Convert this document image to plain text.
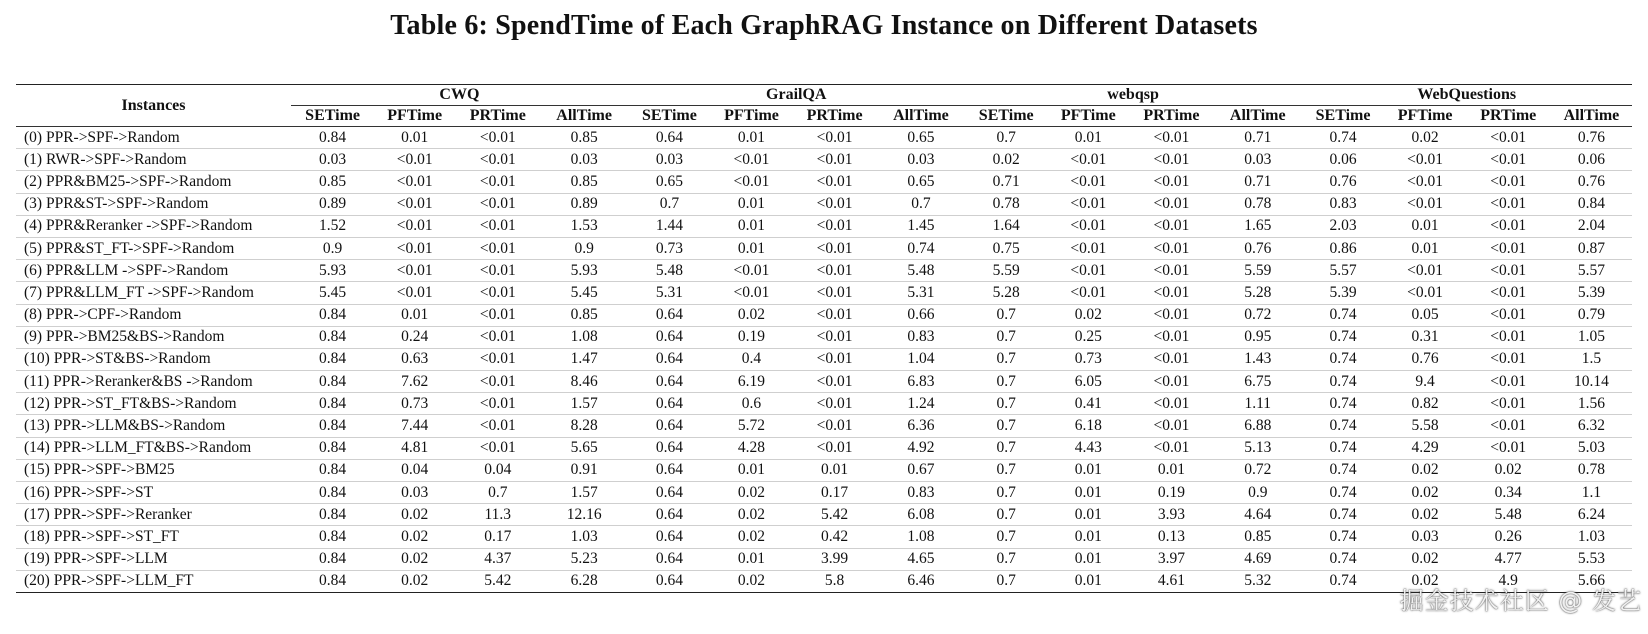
Table 6: SpendTime of Each GraphRAG Instance on Different Datasets
Instances	CWQ				GrailQA				webqsp				WebQuestions			
	SETime	PFTime	PRTime	AllTime	SETime	PFTime	PRTime	AllTime	SETime	PFTime	PRTime	AllTime	SETime	PFTime	PRTime	AllTime
(0) PPR->SPF->Random	0.84	0.01	<0.01	0.85	0.64	0.01	<0.01	0.65	0.7	0.01	<0.01	0.71	0.74	0.02	<0.01	0.76
(1) RWR->SPF->Random	0.03	<0.01	<0.01	0.03	0.03	<0.01	<0.01	0.03	0.02	<0.01	<0.01	0.03	0.06	<0.01	<0.01	0.06
(2) PPR&BM25->SPF->Random	0.85	<0.01	<0.01	0.85	0.65	<0.01	<0.01	0.65	0.71	<0.01	<0.01	0.71	0.76	<0.01	<0.01	0.76
(3) PPR&ST->SPF->Random	0.89	<0.01	<0.01	0.89	0.7	0.01	<0.01	0.7	0.78	<0.01	<0.01	0.78	0.83	<0.01	<0.01	0.84
(4) PPR&Reranker ->SPF->Random	1.52	<0.01	<0.01	1.53	1.44	0.01	<0.01	1.45	1.64	<0.01	<0.01	1.65	2.03	0.01	<0.01	2.04
(5) PPR&ST_FT->SPF->Random	0.9	<0.01	<0.01	0.9	0.73	0.01	<0.01	0.74	0.75	<0.01	<0.01	0.76	0.86	0.01	<0.01	0.87
(6) PPR&LLM ->SPF->Random	5.93	<0.01	<0.01	5.93	5.48	<0.01	<0.01	5.48	5.59	<0.01	<0.01	5.59	5.57	<0.01	<0.01	5.57
(7) PPR&LLM_FT ->SPF->Random	5.45	<0.01	<0.01	5.45	5.31	<0.01	<0.01	5.31	5.28	<0.01	<0.01	5.28	5.39	<0.01	<0.01	5.39
(8) PPR->CPF->Random	0.84	0.01	<0.01	0.85	0.64	0.02	<0.01	0.66	0.7	0.02	<0.01	0.72	0.74	0.05	<0.01	0.79
(9) PPR->BM25&BS->Random	0.84	0.24	<0.01	1.08	0.64	0.19	<0.01	0.83	0.7	0.25	<0.01	0.95	0.74	0.31	<0.01	1.05
(10) PPR->ST&BS->Random	0.84	0.63	<0.01	1.47	0.64	0.4	<0.01	1.04	0.7	0.73	<0.01	1.43	0.74	0.76	<0.01	1.5
(11) PPR->Reranker&BS ->Random	0.84	7.62	<0.01	8.46	0.64	6.19	<0.01	6.83	0.7	6.05	<0.01	6.75	0.74	9.4	<0.01	10.14
(12) PPR->ST_FT&BS->Random	0.84	0.73	<0.01	1.57	0.64	0.6	<0.01	1.24	0.7	0.41	<0.01	1.11	0.74	0.82	<0.01	1.56
(13) PPR->LLM&BS->Random	0.84	7.44	<0.01	8.28	0.64	5.72	<0.01	6.36	0.7	6.18	<0.01	6.88	0.74	5.58	<0.01	6.32
(14) PPR->LLM_FT&BS->Random	0.84	4.81	<0.01	5.65	0.64	4.28	<0.01	4.92	0.7	4.43	<0.01	5.13	0.74	4.29	<0.01	5.03
(15) PPR->SPF->BM25	0.84	0.04	0.04	0.91	0.64	0.01	0.01	0.67	0.7	0.01	0.01	0.72	0.74	0.02	0.02	0.78
(16) PPR->SPF->ST	0.84	0.03	0.7	1.57	0.64	0.02	0.17	0.83	0.7	0.01	0.19	0.9	0.74	0.02	0.34	1.1
(17) PPR->SPF->Reranker	0.84	0.02	11.3	12.16	0.64	0.02	5.42	6.08	0.7	0.01	3.93	4.64	0.74	0.02	5.48	6.24
(18) PPR->SPF->ST_FT	0.84	0.02	0.17	1.03	0.64	0.02	0.42	1.08	0.7	0.01	0.13	0.85	0.74	0.03	0.26	1.03
(19) PPR->SPF->LLM	0.84	0.02	4.37	5.23	0.64	0.01	3.99	4.65	0.7	0.01	3.97	4.69	0.74	0.02	4.77	5.53
(20) PPR->SPF->LLM_FT	0.84	0.02	5.42	6.28	0.64	0.02	5.8	6.46	0.7	0.01	4.61	5.32	0.74	0.02	4.9	5.66
掘金技术社区 @ 发艺
